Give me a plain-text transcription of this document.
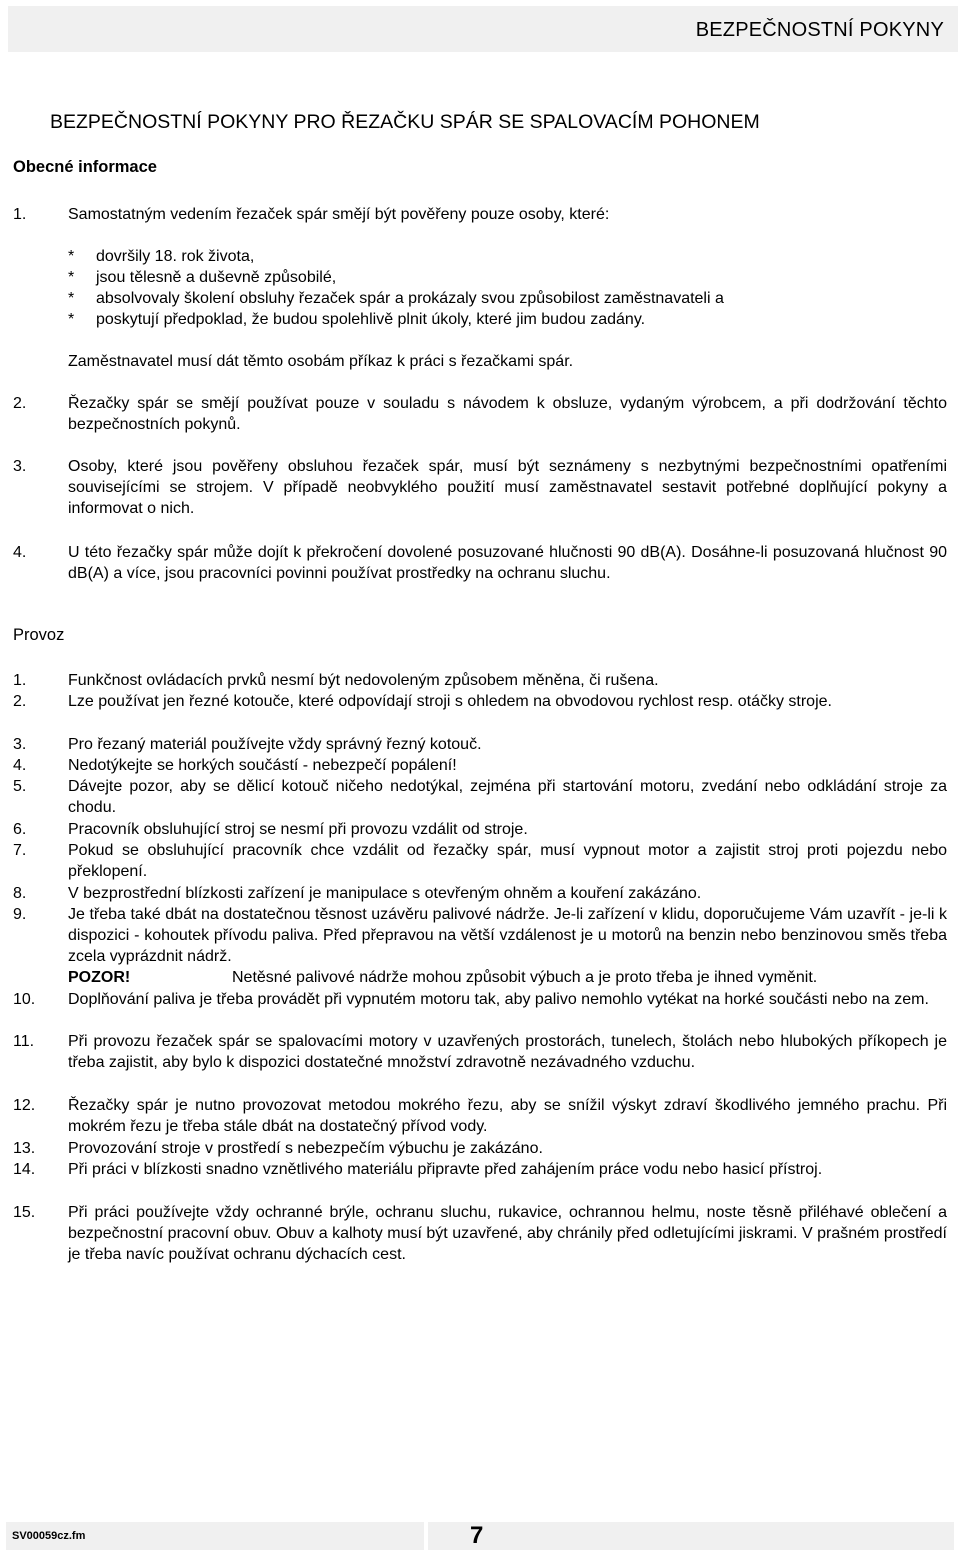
BEZPEČNOSTNÍ POKYNY
BEZPEČNOSTNÍ POKYNY PRO ŘEZAČKU SPÁR SE SPALOVACÍM POHONEM
Obecné informace
1.	Samostatným vedením řezaček spár smějí být pověřeny pouze osoby, které:
* dovršily 18. rok života,
* jsou tělesně a duševně způsobilé,
* absolvovaly školení obsluhy řezaček spár a prokázaly svou způsobilost zaměstnavateli a
* poskytují předpoklad, že budou spolehlivě plnit úkoly, které jim budou zadány.
Zaměstnavatel musí dát těmto osobám příkaz k práci s řezačkami spár.
2.	Řezačky spár se smějí používat pouze v souladu s návodem k obsluze, vydaným výrobcem, a při dodržování těchto bezpečnostních pokynů.
3.	Osoby, které jsou pověřeny obsluhou řezaček spár, musí být seznámeny s nezbytnými bezpečnostními opatřeními souvisejícími se strojem. V případě neobvyklého použití musí zaměstnavatel sestavit potřebné doplňující pokyny a informovat o nich.
4.	U této řezačky spár může dojít k překročení dovolené posuzované hlučnosti 90 dB(A). Dosáhne-li posuzovaná hlučnost 90 dB(A) a více, jsou pracovníci povinni používat prostředky na ochranu sluchu.
Provoz
1.	Funkčnost ovládacích prvků nesmí být nedovoleným způsobem měněna, či rušena.
2.	Lze používat jen řezné kotouče, které odpovídají stroji s ohledem na obvodovou rychlost resp. otáčky stroje.
3.	Pro řezaný materiál používejte vždy správný řezný kotouč.
4.	Nedotýkejte se horkých součástí - nebezpečí popálení!
5.	Dávejte pozor, aby se dělicí kotouč ničeho nedotýkal, zejména při startování motoru, zvedání nebo odkládání stroje za chodu.
6.	Pracovník obsluhující stroj se nesmí při provozu vzdálit od stroje.
7.	Pokud se obsluhující pracovník chce vzdálit od řezačky spár, musí vypnout motor a zajistit stroj proti pojezdu nebo překlopení.
8.	V bezprostřední blízkosti zařízení je manipulace s otevřeným ohněm a kouření zakázáno.
9.	Je třeba také dbát na dostatečnou těsnost uzávěru palivové nádrže. Je-li zařízení v klidu, doporučujeme Vám uzavřít - je-li k dispozici - kohoutek přívodu paliva. Před přepravou na větší vzdálenost je u motorů na benzin nebo benzinovou směs třeba zcela vyprázdnit nádrž.
POZOR!	Netěsné palivové nádrže mohou způsobit výbuch a je proto třeba je ihned vyměnit.
10.	Doplňování paliva je třeba provádět při vypnutém motoru tak, aby palivo nemohlo vytékat na horké součásti nebo na zem.
11.	Při provozu řezaček spár se spalovacími motory v uzavřených prostorách, tunelech, štolách nebo hlubokých příkopech je třeba zajistit, aby bylo k dispozici dostatečné množství zdravotně nezávadného vzduchu.
12.	Řezačky spár je nutno provozovat metodou mokrého řezu, aby se snížil výskyt zdraví škodlivého jemného prachu. Při mokrém řezu je třeba stále dbát na dostatečný přívod vody.
13.	Provozování stroje v prostředí s nebezpečím výbuchu je zakázáno.
14.	Při práci v blízkosti snadno vznětlivého materiálu připravte před zahájením práce vodu nebo hasicí přístroj.
15.	Při práci používejte vždy ochranné brýle, ochranu sluchu, rukavice, ochrannou helmu, noste těsně přiléhavé oblečení a bezpečnostní pracovní obuv. Obuv a kalhoty musí být uzavřené, aby chránily před odletujícími jiskrami. V prašném prostředí je třeba navíc používat ochranu dýchacích cest.
SV00059cz.fm	7
